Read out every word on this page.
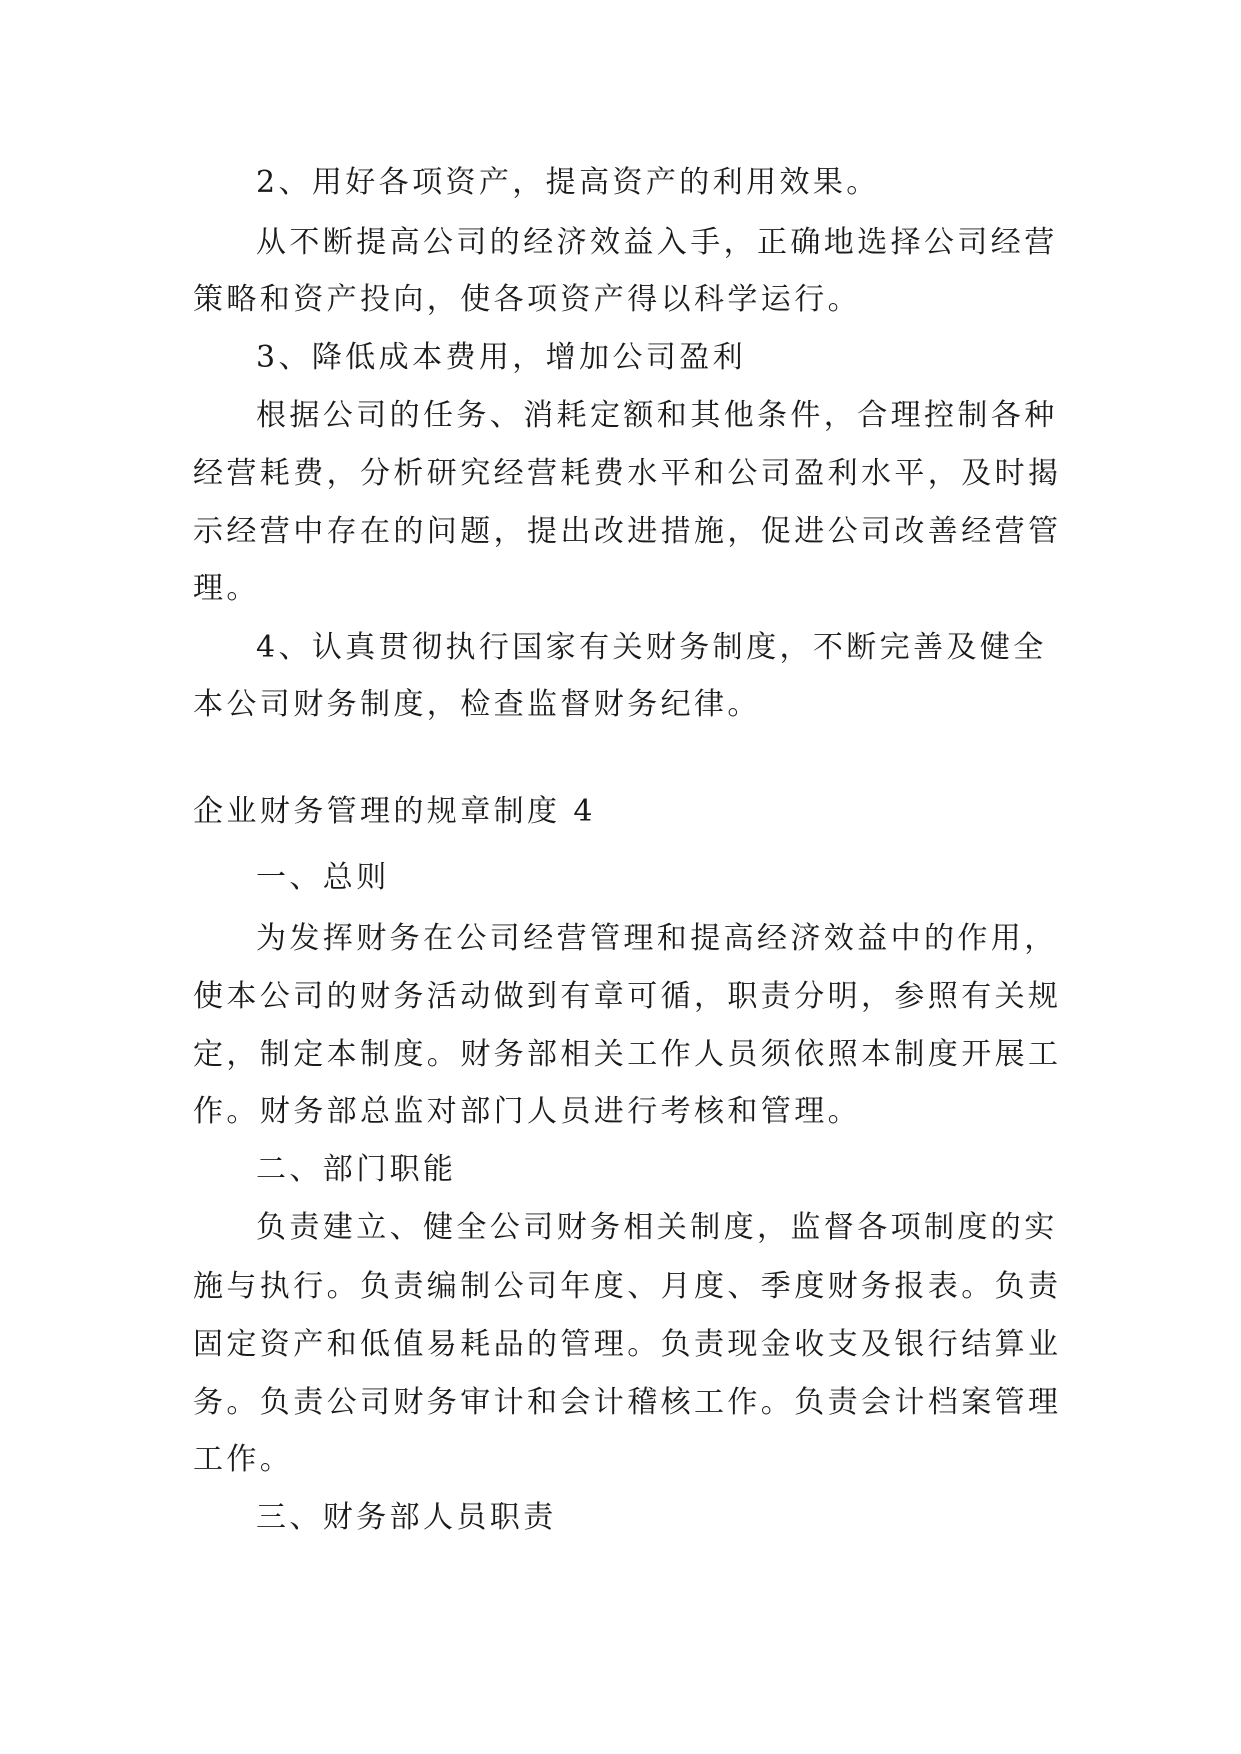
2、用好各项资产，提高资产的利用效果。
从不断提高公司的经济效益入手，正确地选择公司经营
策略和资产投向，使各项资产得以科学运行。
3、降低成本费用，增加公司盈利
根据公司的任务、消耗定额和其他条件，合理控制各种
经营耗费，分析研究经营耗费水平和公司盈利水平，及时揭
示经营中存在的问题，提出改进措施，促进公司改善经营管
理。
4、认真贯彻执行国家有关财务制度，不断完善及健全
本公司财务制度，检查监督财务纪律。
企业财务管理的规章制度 4
一、总则
为发挥财务在公司经营管理和提高经济效益中的作用，
使本公司的财务活动做到有章可循，职责分明，参照有关规
定，制定本制度。财务部相关工作人员须依照本制度开展工
作。财务部总监对部门人员进行考核和管理。
二、部门职能
负责建立、健全公司财务相关制度，监督各项制度的实
施与执行。负责编制公司年度、月度、季度财务报表。负责
固定资产和低值易耗品的管理。负责现金收支及银行结算业
务。负责公司财务审计和会计稽核工作。负责会计档案管理
工作。
三、财务部人员职责
